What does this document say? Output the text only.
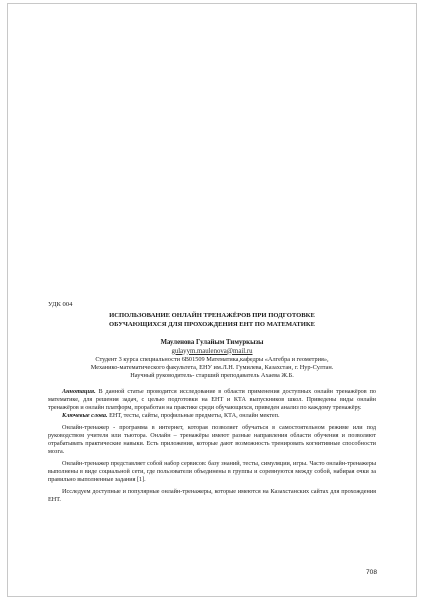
УДК 004
ИСПОЛЬЗОВАНИЕ ОНЛАЙН ТРЕНАЖЁРОВ ПРИ ПОДГОТОВКЕ
ОБУЧАЮЩИХСЯ ДЛЯ ПРОХОЖДЕНИЯ ЕНТ ПО МАТЕМАТИКЕ
Мауленова Гулайым Тимуркызы
gulayym.maulenova@mail.ru
Студент 3 курса специальности 6В01509 Математика,кафедры «Алгебра и геометрия»,
Механико-математического факультета, ЕНУ им.Л.Н. Гумилева, Казахстан, г. Нур-Султан.
Научный руководитель- старший преподаватель Ахаева Ж.Б.

Аннотация. В данной статье проводится исследование в области применения доступных онлайн тренажёров по математике, для решения задач, с целью подготовки на ЕНТ и КТА выпускников школ. Приведены виды онлайн тренажёров и онлайн платформ, проработан на практике среди обучающихся, приведен анализ по каждому тренажёру.

Ключевые слова. ЕНТ, тесты, сайты, профильные предметы, КТА, онлайн мектеп.

Онлайн-тренажер - программа в интернет, которая позволяет обучаться в самостоятельном режиме или под руководством учителя или тьютора. Онлайн – тренажёры имеют разные направления области обучения и позволяют отрабатывать практические навыки. Есть приложения, которые дают возможность тренировать когнитивные способности мозга.

Онлайн-тренажер представляет собой набор сервисов: базу знаний, тесты, симуляции, игры. Часто онлайн-тренажеры выполнены в виде социальной сети, где пользователи объединены в группы и соревнуются между собой, набирая очки за правильно выполненные задания [1].

Исследуем доступные и популярные онлайн-тренажеры, которые имеются на Казахстанских сайтах для прохождения ЕНТ.

708
